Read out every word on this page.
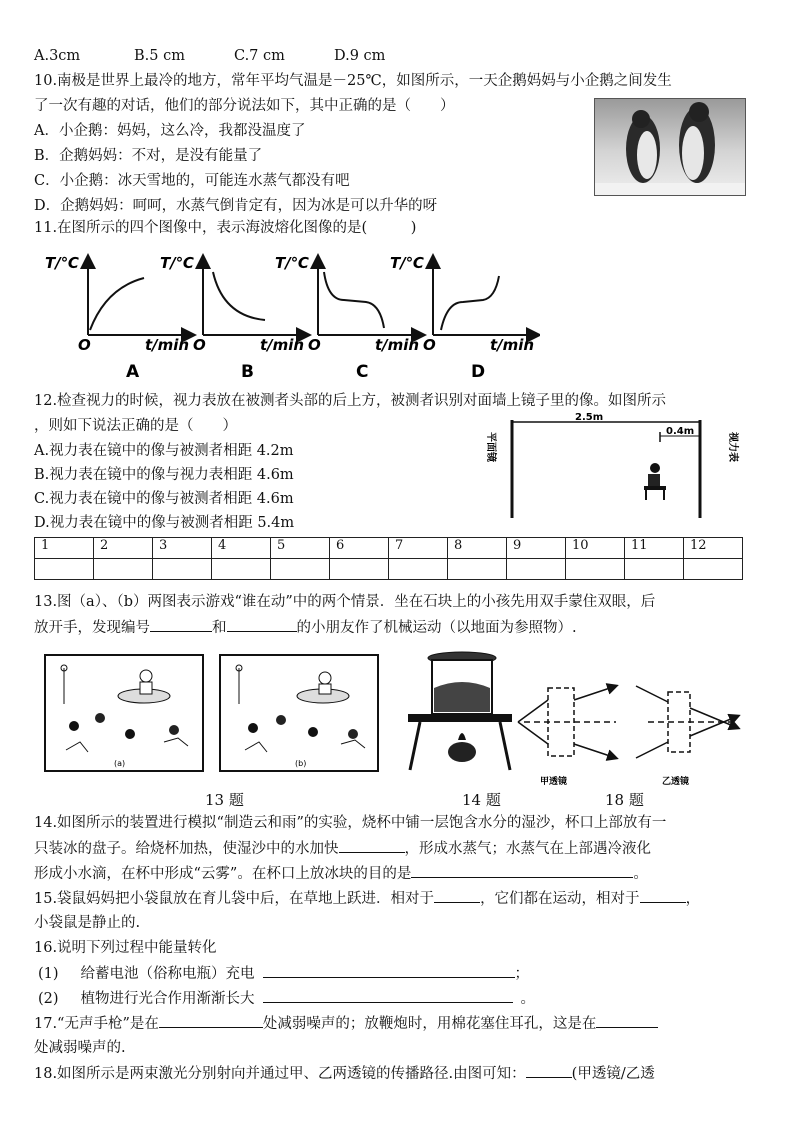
A.3cm	B.5 cm	C.7 cm	D.9 cm
10.南极是世界上最冷的地方，常年平均气温是－25℃，如图所示，一天企鹅妈妈与小企鹅之间发生
了一次有趣的对话，他们的部分说法如下，其中正确的是（　　）
A．小企鹅：妈妈，这么冷，我都没温度了
B．企鹅妈妈：不对，是没有能量了
C．小企鹅：冰天雪地的，可能连水蒸气都没有吧
D．企鹅妈妈：呵呵，水蒸气倒肯定有，因为冰是可以升华的呀
11.在图所示的四个图像中，表示海波熔化图像的是(　　　)
T/℃
O	t/min
A
T/℃
O	t/min
B
T/℃
O	t/min
C
T/℃
O	t/min
D
12.检查视力的时候，视力表放在被测者头部的后上方，被测者识别对面墙上镜子里的像。如图所示
，则如下说法正确的是（　　）
A.视力表在镜中的像与被测者相距 4.2m
B.视力表在镜中的像与视力表相距 4.6m
C.视力表在镜中的像与被测者相距 4.6m
D.视力表在镜中的像与被测者相距 5.4m
平面镜
2.5m
0.4m
视力表
1	2	3	4	5	6	7	8	9	10	11	12

13.图（a）、（b）两图表示游戏“谁在动”中的两个情景．坐在石块上的小孩先用双手蒙住双眼，后
放开手，发现编号	和	的小朋友作了机械运动（以地面为参照物）.
(a)	(b)
甲透镜	乙透镜
13 题	14 题	18 题
14.如图所示的装置进行模拟“制造云和雨”的实验，烧杯中铺一层饱含水分的湿沙，杯口上部放有一
只装冰的盘子。给烧杯加热，使湿沙中的水加快	，形成水蒸气；水蒸气在上部遇冷液化
形成小水滴，在杯中形成“云雾”。在杯口上放冰块的目的是	。
15.袋鼠妈妈把小袋鼠放在育儿袋中后，在草地上跃进．相对于	，它们都在运动，相对于	，
小袋鼠是静止的.
16.说明下列过程中能量转化
(1) 给蓄电池（俗称电瓶）充电	；
(2) 植物进行光合作用渐渐长大	。
17.“无声手枪”是在	处减弱噪声的；放鞭炮时，用棉花塞住耳孔，这是在
处减弱噪声的.
18.如图所示是两束激光分别射向并通过甲、乙两透镜的传播路径.由图可知：	(甲透镜/乙透
